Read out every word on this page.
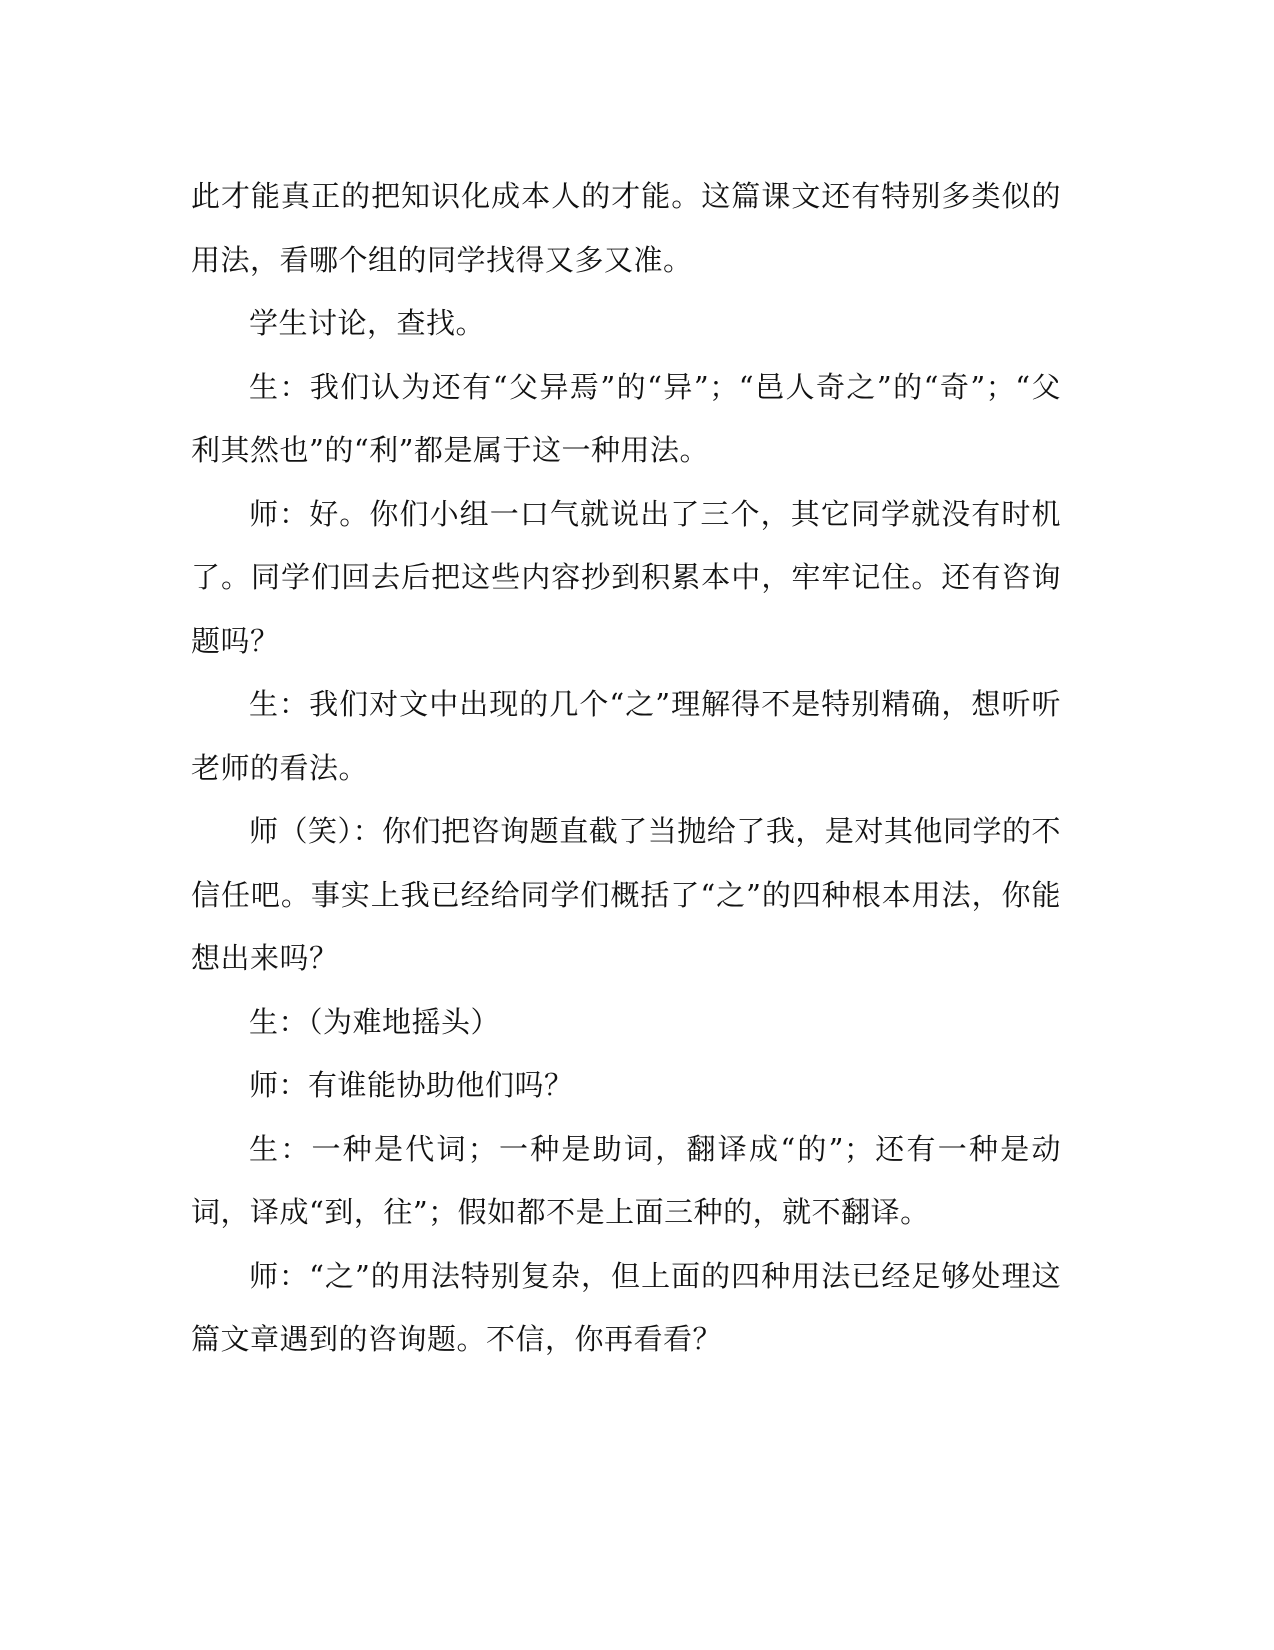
此才能真正的把知识化成本人的才能。这篇课文还有特别多类似的用法，看哪个组的同学找得又多又准。

学生讨论，查找。

生：我们认为还有“父异焉”的“异”；“邑人奇之”的“奇”；“父利其然也”的“利”都是属于这一种用法。

师：好。你们小组一口气就说出了三个，其它同学就没有时机了。同学们回去后把这些内容抄到积累本中，牢牢记住。还有咨询题吗？

生：我们对文中出现的几个“之”理解得不是特别精确，想听听老师的看法。

师（笑）：你们把咨询题直截了当抛给了我，是对其他同学的不信任吧。事实上我已经给同学们概括了“之”的四种根本用法，你能想出来吗？

生：（为难地摇头）

师：有谁能协助他们吗？

生：一种是代词；一种是助词，翻译成“的”；还有一种是动词，译成“到，往”；假如都不是上面三种的，就不翻译。

师：“之”的用法特别复杂，但上面的四种用法已经足够处理这篇文章遇到的咨询题。不信，你再看看？
